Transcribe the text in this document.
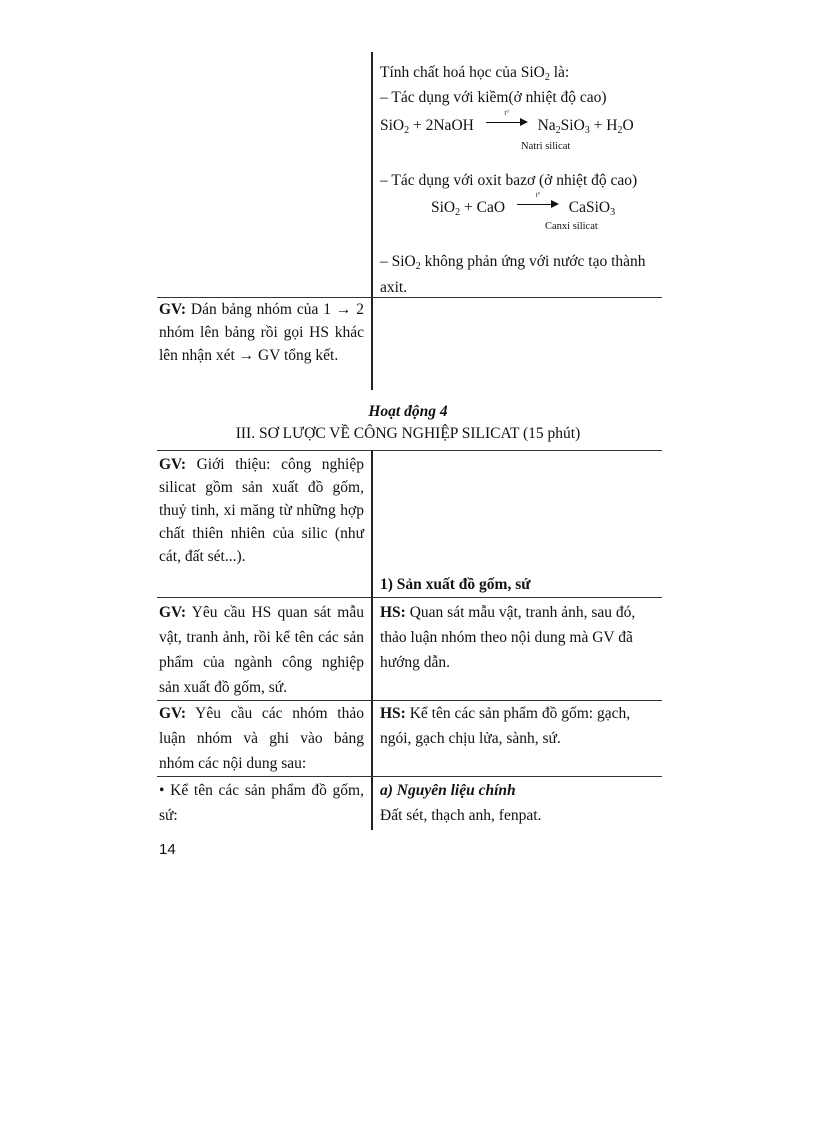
Tính chất hoá học của SiO$_2$ là:
– Tác dụng với kiềm(ở nhiệt độ cao)
SiO$_2$ + 2NaOH
t°
$Na_2SiO_3 + H_2O$
Natri silicat
– Tác dụng với oxit bazơ (ở nhiệt độ cao)
SiO$_2$ + CaO
t°
CaSiO$_3$
Canxi silicat
– SiO$_2$ không phản ứng với nước tạo thành axit.
GV: Dán bảng nhóm của 1 → 2 nhóm lên bảng rồi gọi HS khác lên nhận xét → GV tổng kết.
Hoạt động 4
III. SƠ LƯỢC VỀ CÔNG NGHIỆP SILICAT (15 phút)
GV: Giới thiệu: công nghiệp silicat gồm sản xuất đồ gốm, thuỷ tinh, xi măng từ những hợp chất thiên nhiên của silic (như cát, đất sét...).
1) Sản xuất đồ gốm, sứ
GV: Yêu cầu HS quan sát mẫu vật, tranh ảnh, rồi kể tên các sản phẩm của ngành công nghiệp sản xuất đồ gốm, sứ.
HS: Quan sát mẫu vật, tranh ảnh, sau đó, thảo luận nhóm theo nội dung mà GV đã hướng dẫn.
GV: Yêu cầu các nhóm thảo luận nhóm và ghi vào bảng nhóm các nội dung sau:
HS: Kể tên các sản phẩm đồ gốm: gạch, ngói, gạch chịu lửa, sành, sứ.
• Kể tên các sản phẩm đồ gốm, sứ:
a) Nguyên liệu chính
Đất sét, thạch anh, fenpat.
14
